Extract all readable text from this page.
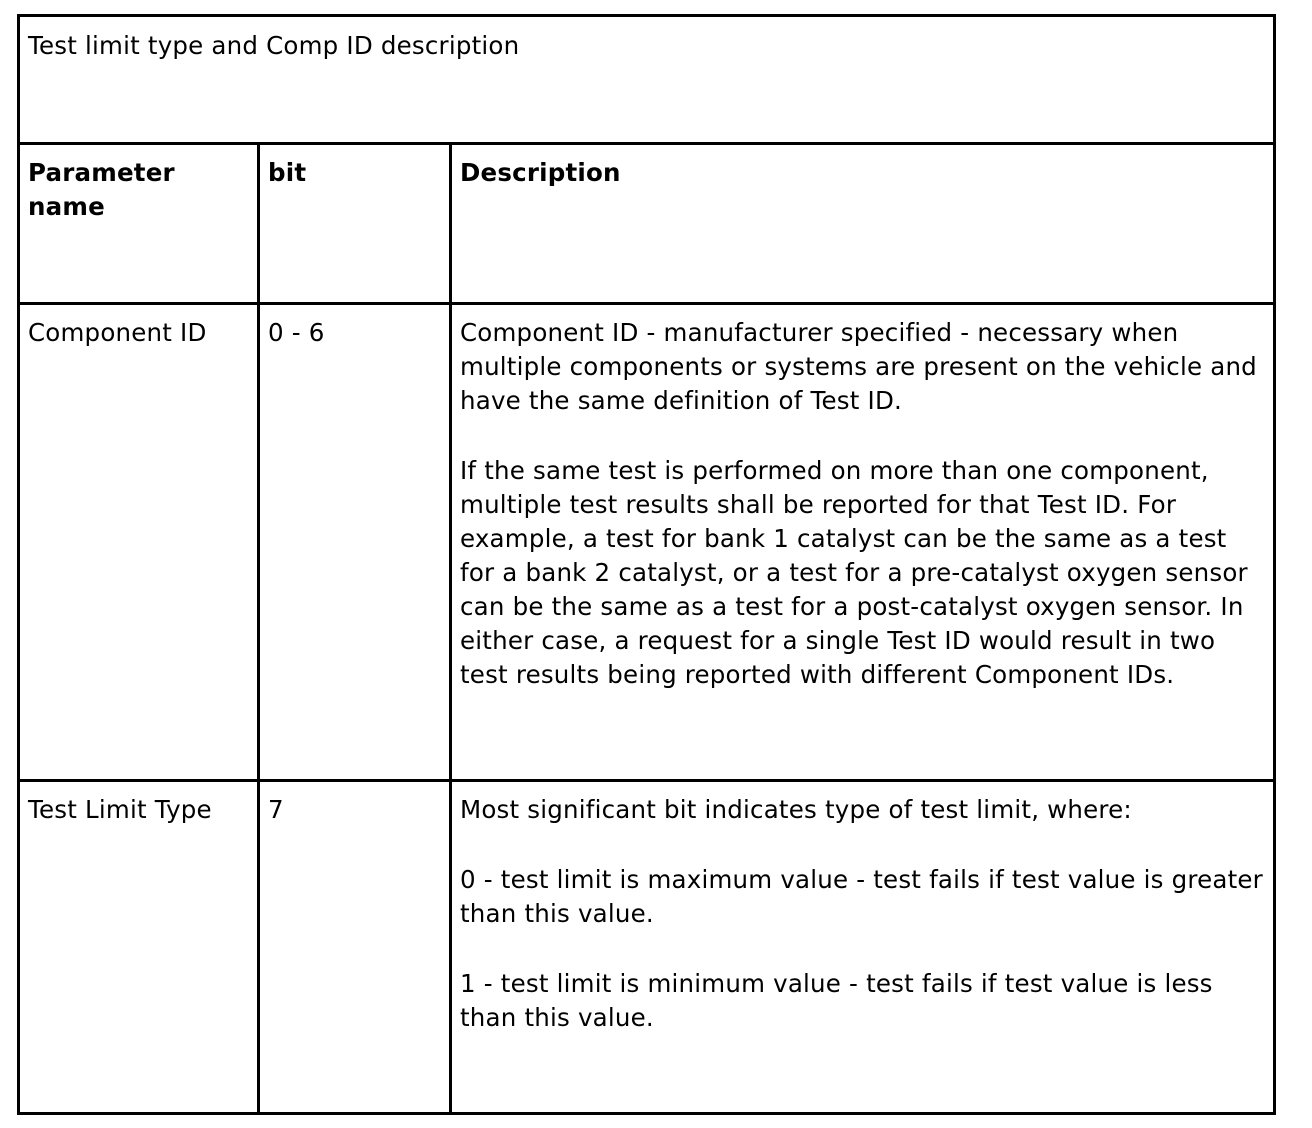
Test limit type and Comp ID description		

Parameter name	bit	Description

Component ID	0 - 6	Component ID - manufacturer specified - necessary when multiple components or systems are present on the vehicle and have the same definition of Test ID.

If the same test is performed on more than one component, multiple test results shall be reported for that Test ID. For example, a test for bank 1 catalyst can be the same as a test for a bank 2 catalyst, or a test for a pre-catalyst oxygen sensor can be the same as a test for a post-catalyst oxygen sensor. In either case, a request for a single Test ID would result in two test results being reported with different Component IDs.

Test Limit Type	7	Most significant bit indicates type of test limit, where:

0 - test limit is maximum value - test fails if test value is greater than this value.

1 - test limit is minimum value - test fails if test value is less than this value.
